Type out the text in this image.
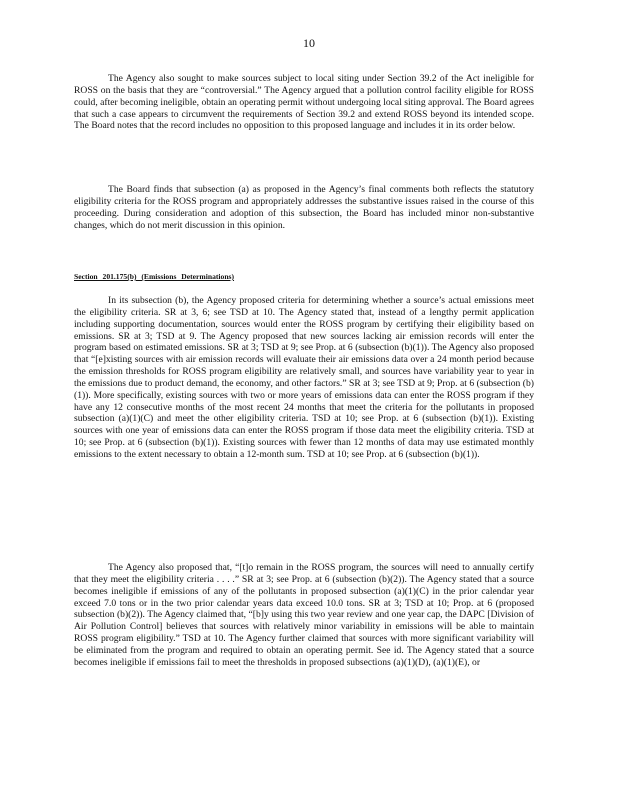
10

The Agency also sought to make sources subject to local siting under Section 39.2 of the Act ineligible for ROSS on the basis that they are “controversial.” The Agency argued that a pollution control facility eligible for ROSS could, after becoming ineligible, obtain an operating permit without undergoing local siting approval. The Board agrees that such a case appears to circumvent the requirements of Section 39.2 and extend ROSS beyond its intended scope. The Board notes that the record includes no opposition to this proposed language and includes it in its order below.

The Board finds that subsection (a) as proposed in the Agency’s final comments both reflects the statutory eligibility criteria for the ROSS program and appropriately addresses the substantive issues raised in the course of this proceeding. During consideration and adoption of this subsection, the Board has included minor non-substantive changes, which do not merit discussion in this opinion.

Section 201.175(b) (Emissions Determinations)

In its subsection (b), the Agency proposed criteria for determining whether a source’s actual emissions meet the eligibility criteria. SR at 3, 6; see TSD at 10. The Agency stated that, instead of a lengthy permit application including supporting documentation, sources would enter the ROSS program by certifying their eligibility based on emissions. SR at 3; TSD at 9. The Agency proposed that new sources lacking air emission records will enter the program based on estimated emissions. SR at 3; TSD at 9; see Prop. at 6 (subsection (b)(1)). The Agency also proposed that “[e]xisting sources with air emission records will evaluate their air emissions data over a 24 month period because the emission thresholds for ROSS program eligibility are relatively small, and sources have variability year to year in the emissions due to product demand, the economy, and other factors.” SR at 3; see TSD at 9; Prop. at 6 (subsection (b)(1)). More specifically, existing sources with two or more years of emissions data can enter the ROSS program if they have any 12 consecutive months of the most recent 24 months that meet the criteria for the pollutants in proposed subsection (a)(1)(C) and meet the other eligibility criteria. TSD at 10; see Prop. at 6 (subsection (b)(1)). Existing sources with one year of emissions data can enter the ROSS program if those data meet the eligibility criteria. TSD at 10; see Prop. at 6 (subsection (b)(1)). Existing sources with fewer than 12 months of data may use estimated monthly emissions to the extent necessary to obtain a 12-month sum. TSD at 10; see Prop. at 6 (subsection (b)(1)).

The Agency also proposed that, “[t]o remain in the ROSS program, the sources will need to annually certify that they meet the eligibility criteria . . . .” SR at 3; see Prop. at 6 (subsection (b)(2)). The Agency stated that a source becomes ineligible if emissions of any of the pollutants in proposed subsection (a)(1)(C) in the prior calendar year exceed 7.0 tons or in the two prior calendar years data exceed 10.0 tons. SR at 3; TSD at 10; Prop. at 6 (proposed subsection (b)(2)). The Agency claimed that, “[b]y using this two year review and one year cap, the DAPC [Division of Air Pollution Control] believes that sources with relatively minor variability in emissions will be able to maintain ROSS program eligibility.” TSD at 10. The Agency further claimed that sources with more significant variability will be eliminated from the program and required to obtain an operating permit. See id. The Agency stated that a source becomes ineligible if emissions fail to meet the thresholds in proposed subsections (a)(1)(D), (a)(1)(E), or
